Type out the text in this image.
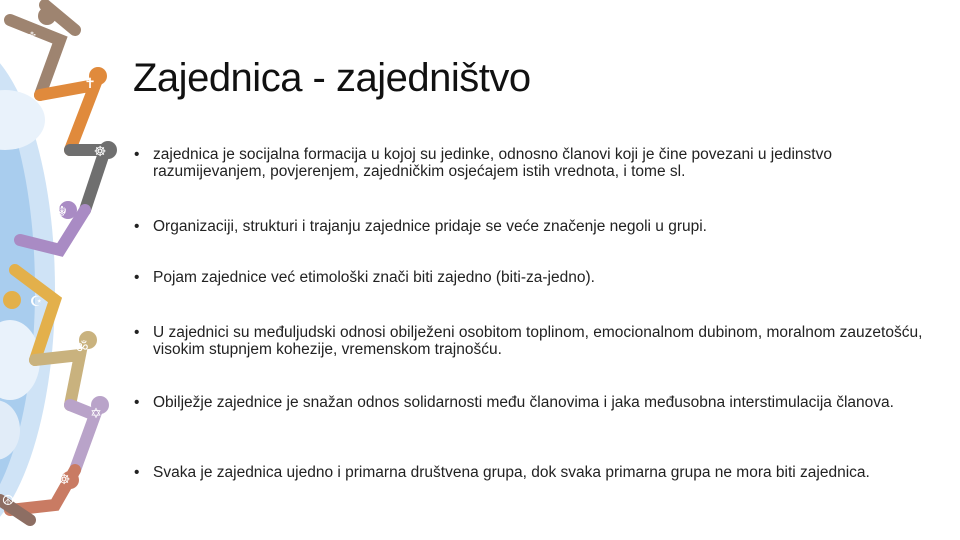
☦
✝
☸
☬
☪
ॐ
✡
☸
☮
Zajednica - zajedništvo
• zajednica je socijalna formacija u kojoj su jedinke, odnosno članovi koji je čine povezani u jedinstvo razumijevanjem, povjerenjem, zajedničkim osjećajem istih vrednota, i tome sl.
• Organizaciji, strukturi i trajanju zajednice pridaje se veće značenje negoli u grupi.
• Pojam zajednice već etimološki znači biti zajedno (biti-za-jedno).
• U zajednici su međuljudski odnosi obilježeni osobitom toplinom, emocionalnom dubinom, moralnom zauzetošću, visokim stupnjem kohezije, vremenskom trajnošću.
• Obilježje zajednice je snažan odnos solidarnosti među članovima i jaka međusobna interstimulacija članova.
• Svaka je zajednica ujedno i primarna društvena grupa, dok svaka primarna grupa ne mora biti zajednica.
